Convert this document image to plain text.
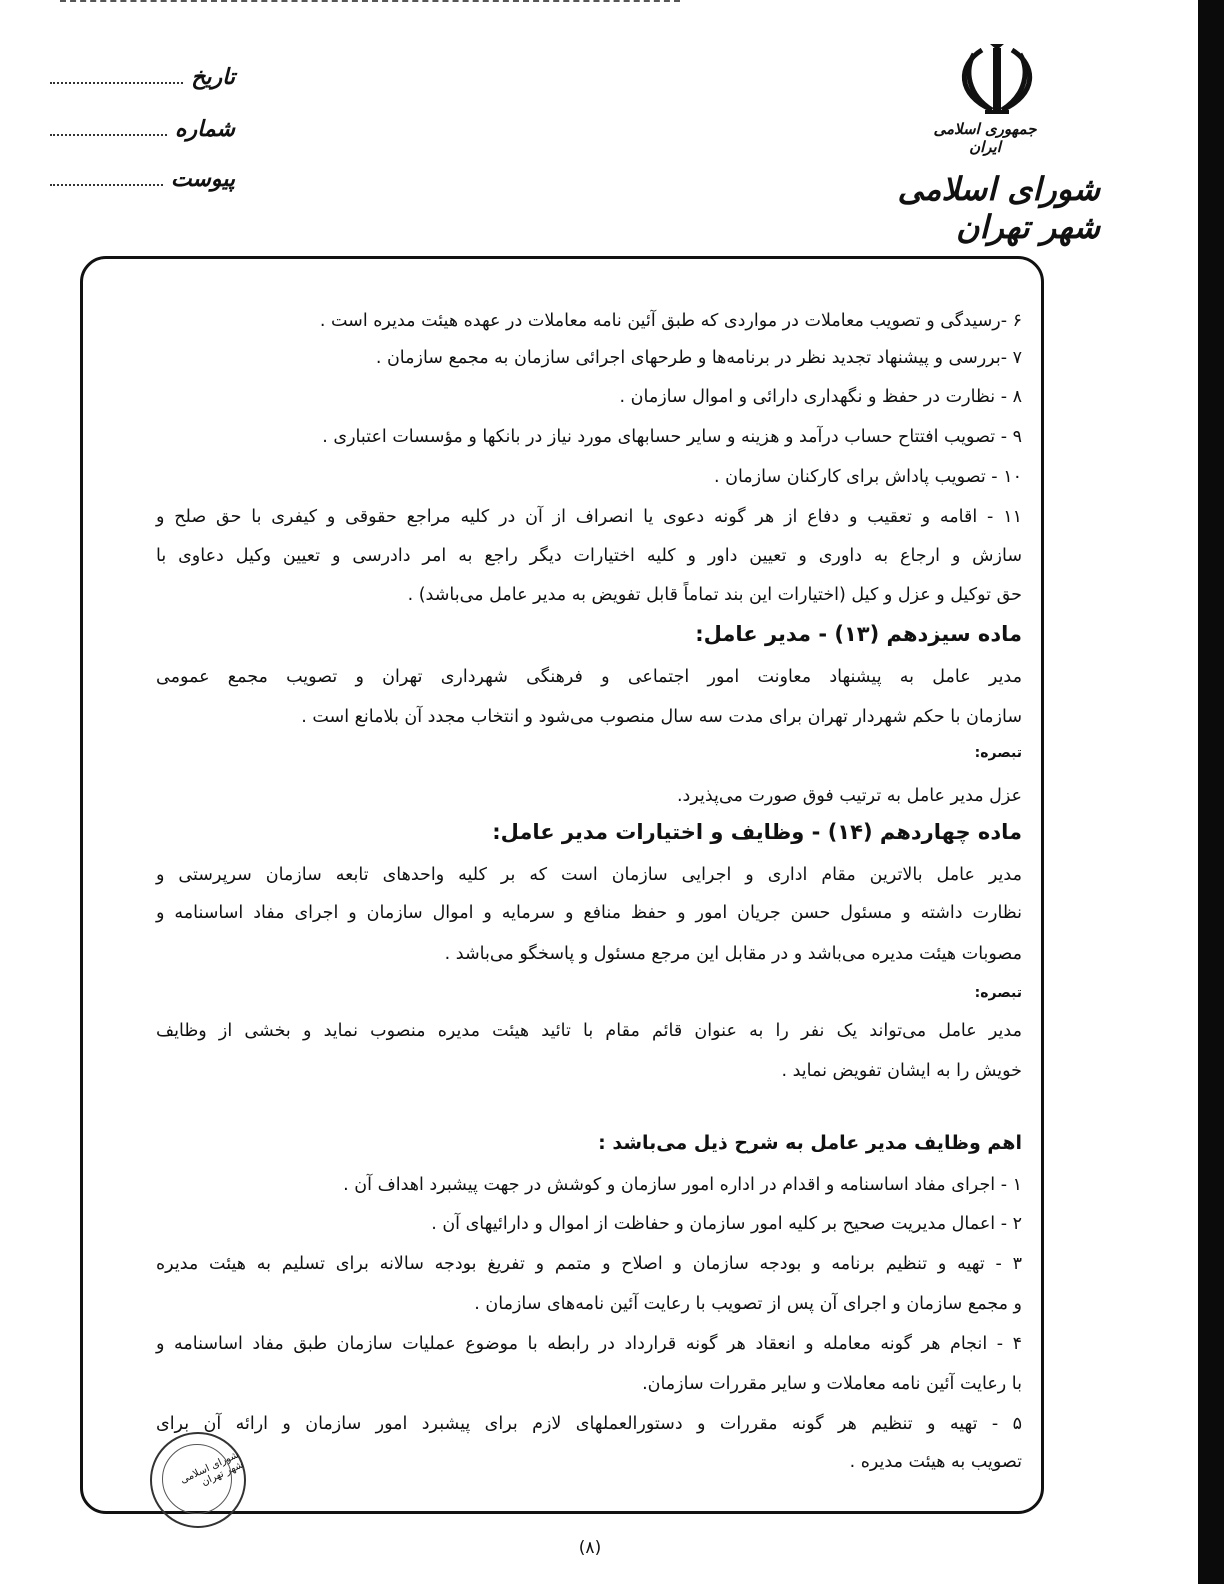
جمهوری اسلامی ایران
شورای اسلامی شهر تهران
تاریخ
شماره
پیوست
۶ -رسیدگی و تصویب معاملات در مواردی که طبق آئین نامه معاملات در عهده هیئت مدیره است .
۷ -بررسی و پیشنهاد تجدید نظر در برنامه‌ها و طرحهای اجرائی سازمان به مجمع سازمان .
۸ - نظارت در حفظ و نگهداری دارائی و اموال سازمان .
۹ - تصویب افتتاح حساب درآمد و هزینه و سایر حسابهای مورد نیاز در بانکها و مؤسسات اعتباری .
۱۰ - تصویب پاداش برای کارکنان سازمان .
۱۱ - اقامه و تعقیب و دفاع از هر گونه دعوی یا انصراف از آن در کلیه مراجع حقوقی و کیفری با حق صلح و
سازش و ارجاع به داوری و تعیین داور و کلیه اختیارات دیگر راجع به امر دادرسی و تعیین وکیل دعاوی با
حق توکیل و عزل و کیل (اختیارات این بند تماماً قابل تفویض به مدیر عامل می‌باشد) .
ماده سیزدهم (۱۳) - مدیر عامل:
مدیر عامل به پیشنهاد معاونت امور اجتماعی و فرهنگی شهرداری تهران و تصویب مجمع عمومی
سازمان با حکم شهردار تهران برای مدت سه سال منصوب می‌شود و انتخاب مجدد آن بلامانع است .
تبصره:
عزل مدیر عامل به ترتیب فوق صورت می‌پذیرد.
ماده چهاردهم (۱۴) - وظایف و اختیارات مدیر عامل:
مدیر عامل بالاترین مقام اداری و اجرایی سازمان است که بر کلیه واحدهای تابعه سازمان سرپرستی و
نظارت داشته و مسئول حسن جریان امور و حفظ منافع و سرمایه و اموال سازمان و اجرای مفاد اساسنامه و
مصوبات هیئت مدیره می‌باشد و در مقابل این مرجع مسئول و پاسخگو می‌باشد .
تبصره:
مدیر عامل می‌تواند یک نفر را به عنوان قائم مقام با تائید هیئت مدیره منصوب نماید و بخشی از وظایف
خویش را به ایشان تفویض نماید .
اهم وظایف مدیر عامل به شرح ذیل می‌باشد :
۱ - اجرای مفاد اساسنامه و اقدام در اداره امور سازمان و کوشش در جهت پیشبرد اهداف آن .
۲ - اعمال مدیریت صحیح بر کلیه امور سازمان و حفاظت از اموال و دارائیهای آن .
۳ - تهیه و تنظیم برنامه و بودجه سازمان و اصلاح و متمم و تفریغ بودجه سالانه برای تسلیم به هیئت مدیره
و مجمع سازمان و اجرای آن پس از تصویب با رعایت آئین نامه‌های سازمان .
۴ - انجام هر گونه معامله و انعقاد هر گونه قرارداد در رابطه با موضوع عملیات سازمان طبق مفاد اساسنامه و
با رعایت آئین نامه معاملات و سایر مقررات سازمان.
۵ - تهیه و تنظیم هر گونه مقررات و دستورالعملهای لازم برای پیشبرد امور سازمان و ارائه آن برای
تصویب به هیئت مدیره .
شورای اسلامی شهر تهران
(۸)
